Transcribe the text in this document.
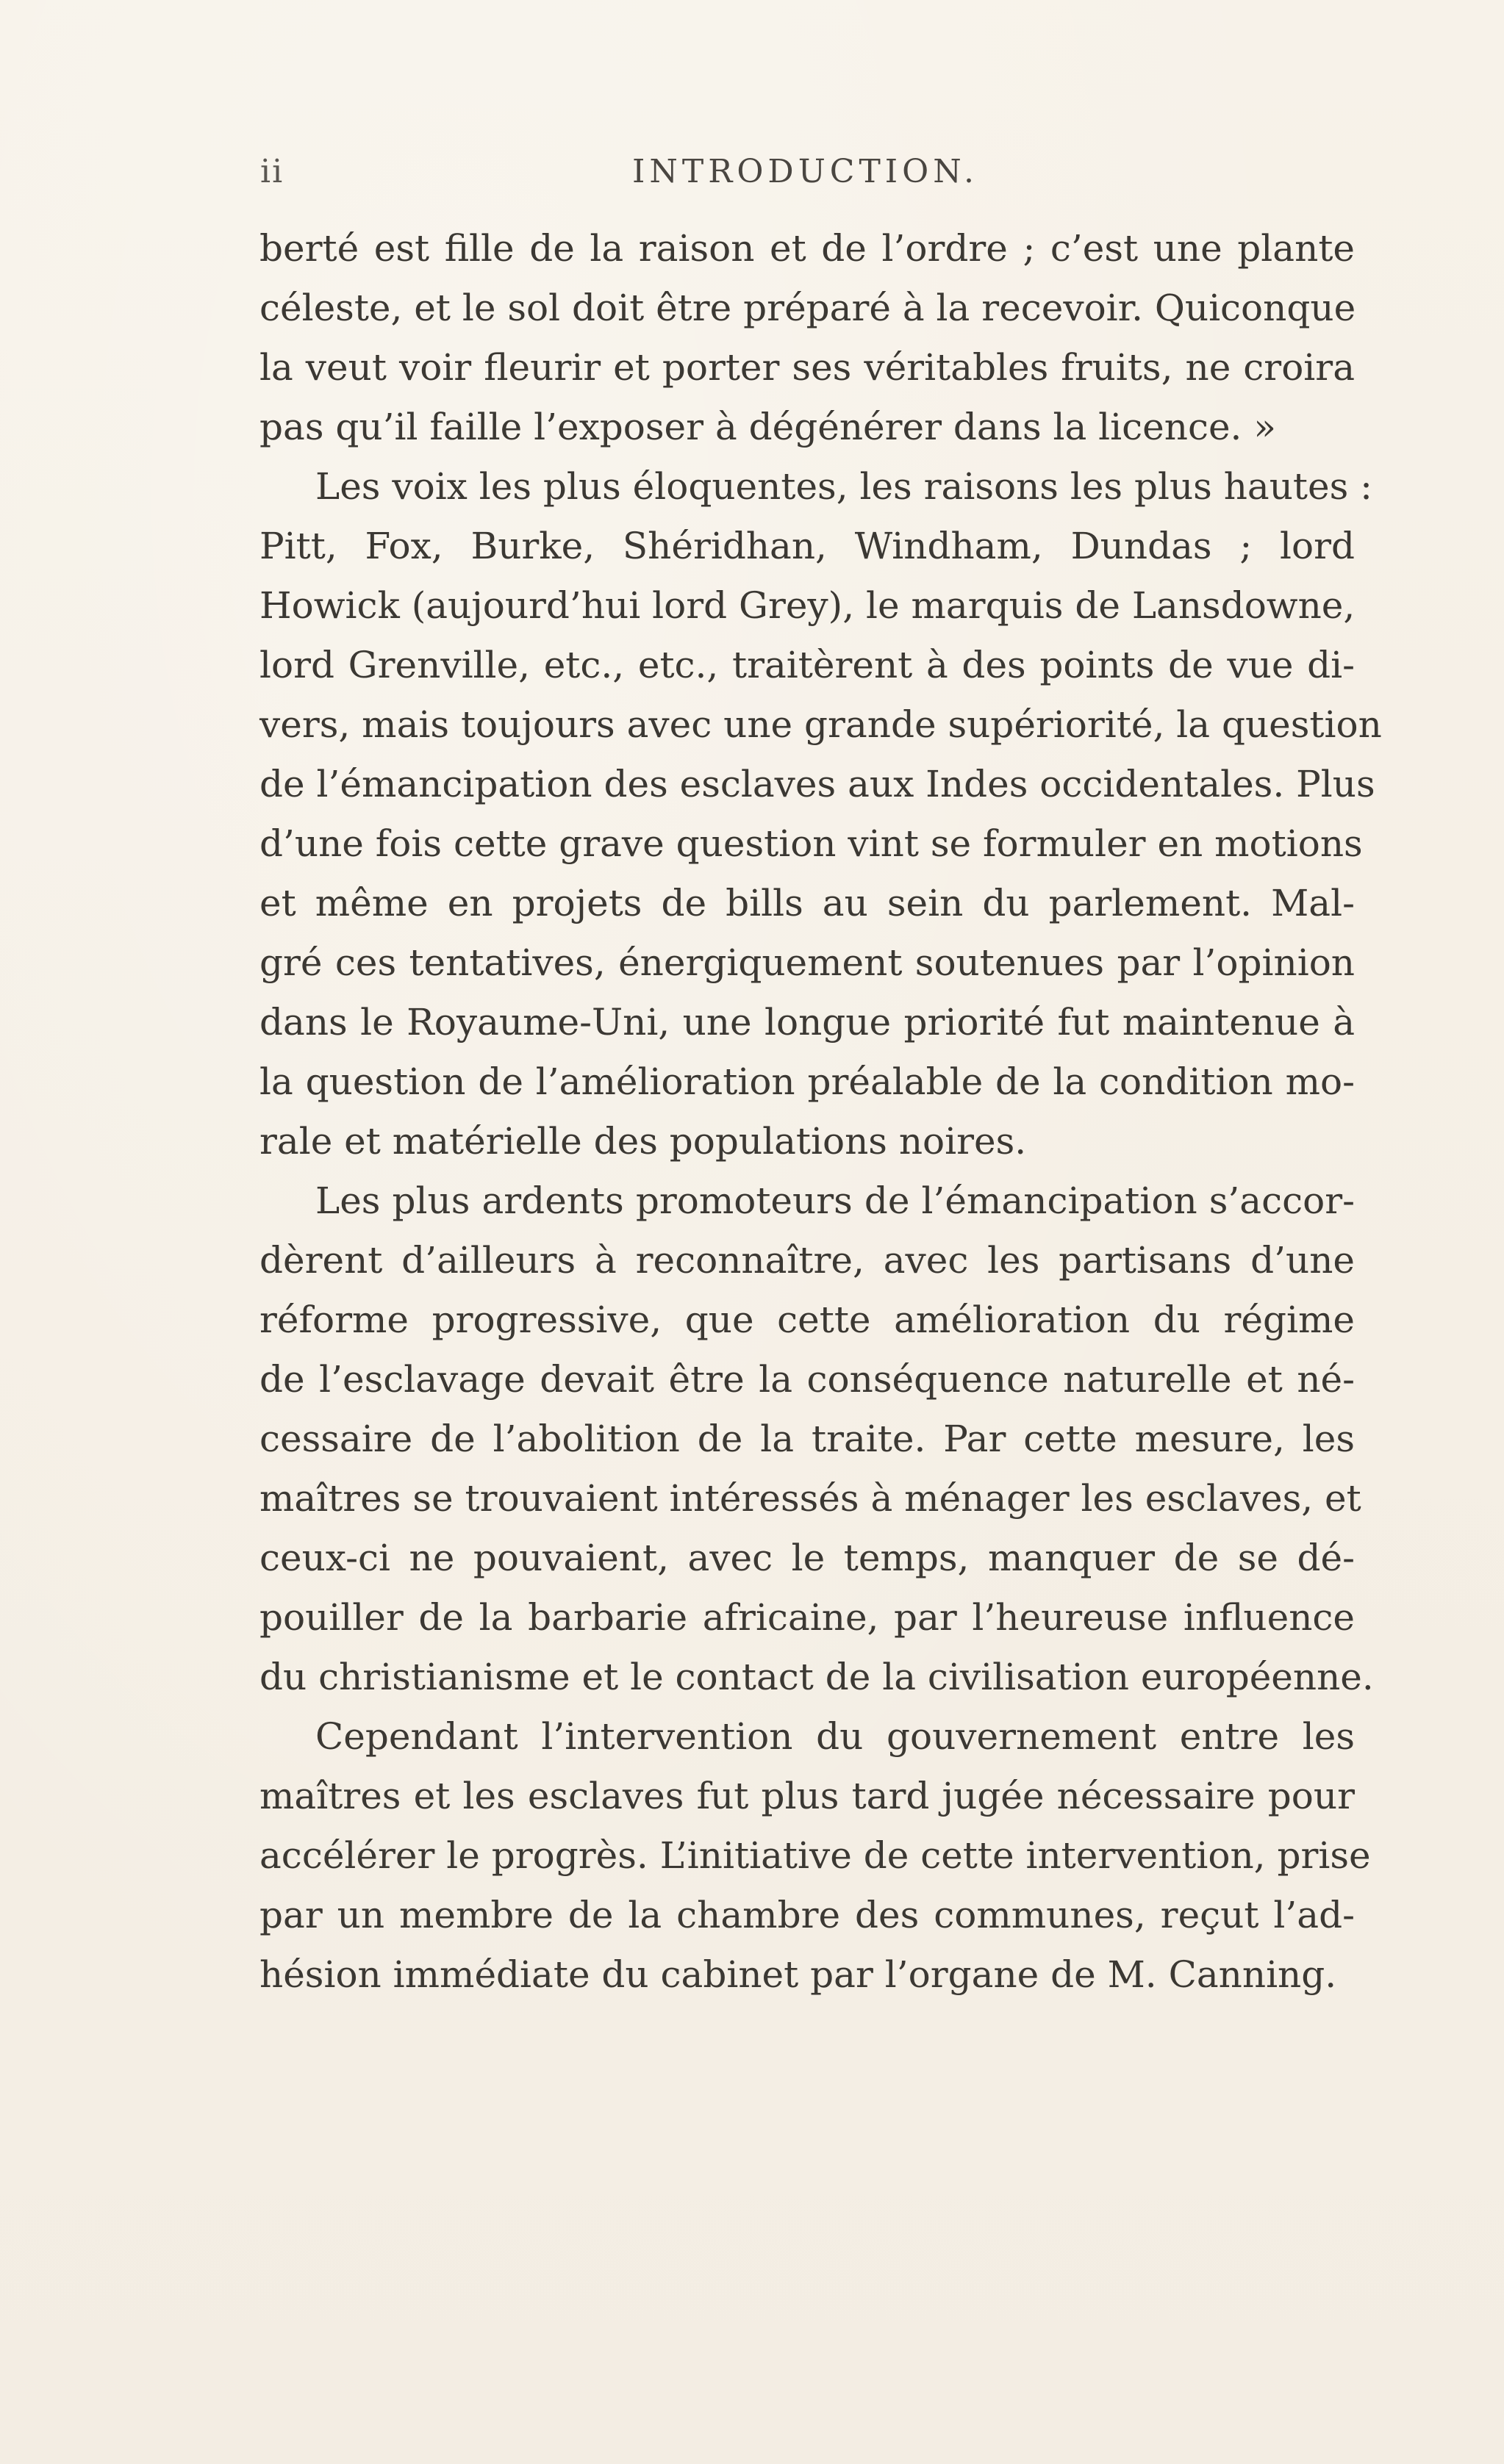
ii	INTRODUCTION.
berté est fille de la raison et de l’ordre ; c’est une plante
céleste, et le sol doit être préparé à la recevoir. Quiconque
la veut voir fleurir et porter ses véritables fruits, ne croira
pas qu’il faille l’exposer à dégénérer dans la licence. »
Les voix les plus éloquentes, les raisons les plus hautes :
Pitt, Fox, Burke, Shéridhan, Windham, Dundas ; lord
Howick (aujourd’hui lord Grey), le marquis de Lansdowne,
lord Grenville, etc., etc., traitèrent à des points de vue di-
vers, mais toujours avec une grande supériorité, la question
de l’émancipation des esclaves aux Indes occidentales. Plus
d’une fois cette grave question vint se formuler en motions
et même en projets de bills au sein du parlement. Mal-
gré ces tentatives, énergiquement soutenues par l’opinion
dans le Royaume-Uni, une longue priorité fut maintenue à
la question de l’amélioration préalable de la condition mo-
rale et matérielle des populations noires.
Les plus ardents promoteurs de l’émancipation s’accor-
dèrent d’ailleurs à reconnaître, avec les partisans d’une
réforme progressive, que cette amélioration du régime
de l’esclavage devait être la conséquence naturelle et né-
cessaire de l’abolition de la traite. Par cette mesure, les
maîtres se trouvaient intéressés à ménager les esclaves, et
ceux-ci ne pouvaient, avec le temps, manquer de se dé-
pouiller de la barbarie africaine, par l’heureuse influence
du christianisme et le contact de la civilisation européenne.
Cependant l’intervention du gouvernement entre les
maîtres et les esclaves fut plus tard jugée nécessaire pour
accélérer le progrès. L’initiative de cette intervention, prise
par un membre de la chambre des communes, reçut l’ad-
hésion immédiate du cabinet par l’organe de M. Canning.
